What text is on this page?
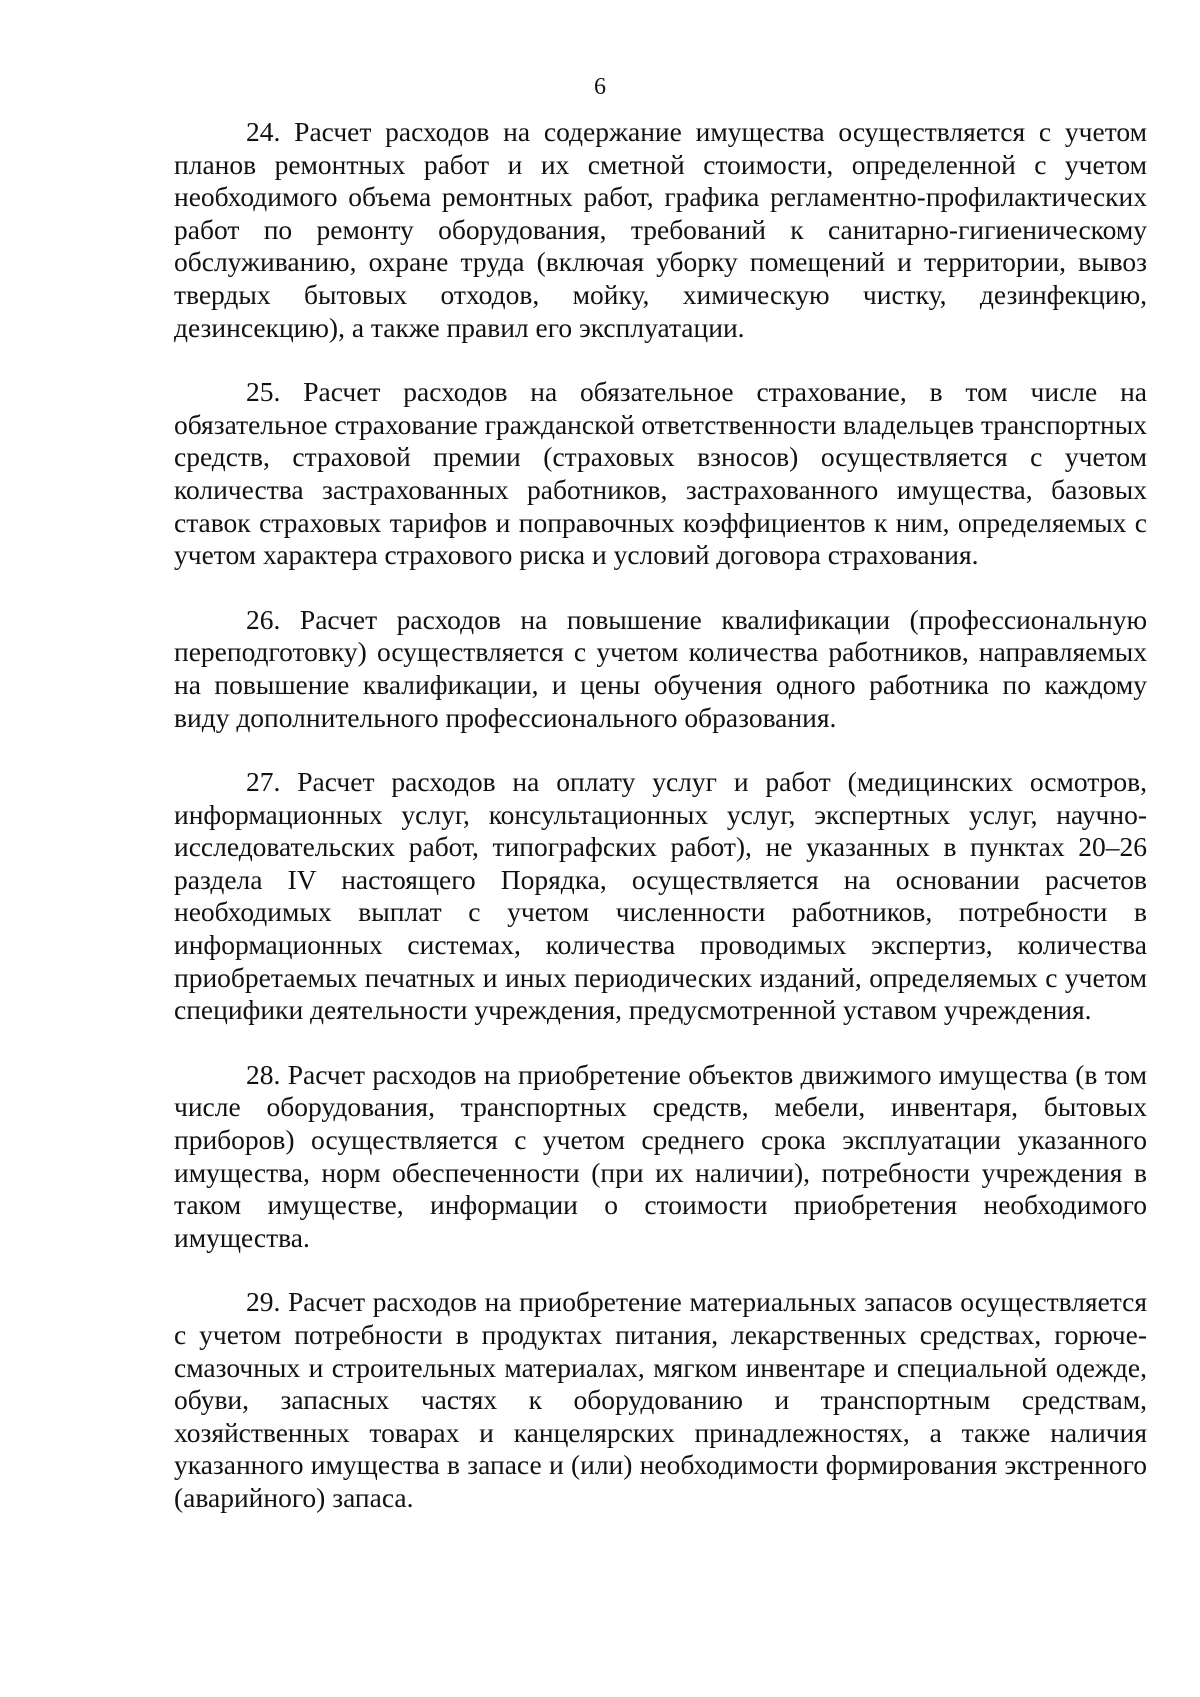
6

24. Расчет расходов на содержание имущества осуществляется с учетом планов ремонтных работ и их сметной стоимости, определенной с учетом необходимого объема ремонтных работ, графика регламентно-профилактических работ по ремонту оборудования, требований к санитарно-гигиеническому обслуживанию, охране труда (включая уборку помещений и территории, вывоз твердых бытовых отходов, мойку, химическую чистку, дезинфекцию, дезинсекцию), а также правил его эксплуатации.

25. Расчет расходов на обязательное страхование, в том числе на обязательное страхование гражданской ответственности владельцев транспортных средств, страховой премии (страховых взносов) осуществляется с учетом количества застрахованных работников, застрахованного имущества, базовых ставок страховых тарифов и поправочных коэффициентов к ним, определяемых с учетом характера страхового риска и условий договора страхования.

26. Расчет расходов на повышение квалификации (профессиональную переподготовку) осуществляется с учетом количества работников, направляемых на повышение квалификации, и цены обучения одного работника по каждому виду дополнительного профессионального образования.

27. Расчет расходов на оплату услуг и работ (медицинских осмотров, информационных услуг, консультационных услуг, экспертных услуг, научно-исследовательских работ, типографских работ), не указанных в пунктах 20–26 раздела IV настоящего Порядка, осуществляется на основании расчетов необходимых выплат с учетом численности работников, потребности в информационных системах, количества проводимых экспертиз, количества приобретаемых печатных и иных периодических изданий, определяемых с учетом специфики деятельности учреждения, предусмотренной уставом учреждения.

28. Расчет расходов на приобретение объектов движимого имущества (в том числе оборудования, транспортных средств, мебели, инвентаря, бытовых приборов) осуществляется с учетом среднего срока эксплуатации указанного имущества, норм обеспеченности (при их наличии), потребности учреждения в таком имуществе, информации о стоимости приобретения необходимого имущества.

29. Расчет расходов на приобретение материальных запасов осуществляется с учетом потребности в продуктах питания, лекарственных средствах, горюче-смазочных и строительных материалах, мягком инвентаре и специальной одежде, обуви, запасных частях к оборудованию и транспортным средствам, хозяйственных товарах и канцелярских принадлежностях, а также наличия указанного имущества в запасе и (или) необходимости формирования экстренного (аварийного) запаса.
